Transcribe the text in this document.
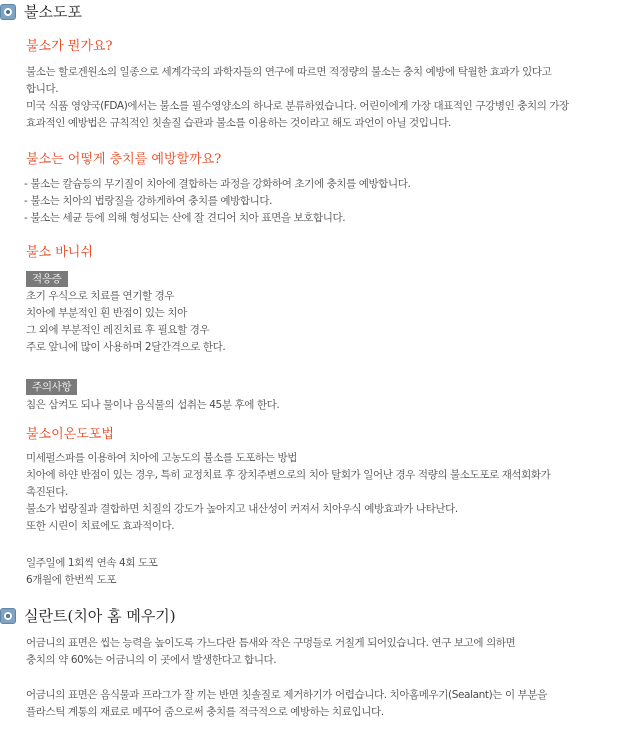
불소도포
불소가 뭔가요?

불소는 할로겐원소의 일종으로 세계각국의 과학자들의 연구에 따르면 적정량의 불소는 충치 예방에 탁월한 효과가 있다고

합니다.

미국 식품 영양국(FDA)에서는 불소를 필수영양소의 하나로 분류하였습니다. 어린이에게 가장 대표적인 구강병인 충치의 가장

효과적인 예방법은 규칙적인 칫솔질 습관과 불소를 이용하는 것이라고 해도 과언이 아닐 것입니다.

불소는 어떻게 충치를 예방할까요?

- 불소는 칼슘등의 무기질이 치아에 결합하는 과정을 강화하여 초기에 충치를 예방합니다.

- 불소는 치아의 법랑질을 강하게하여 충치를 예방합니다.

- 불소는 세균 등에 의해 형성되는 산에 잘 견디어 치아 표면을 보호합니다.

불소 바니쉬
적응증

초기 우식으로 치료를 연기할 경우

치아에 부분적인 흰 반점이 있는 치아

그 외에 부분적인 레진치료 후 필요할 경우

주로 앞니에 많이 사용하며 2달간격으로 한다.

주의사항

침은 삼켜도 되나 물이나 음식물의 섭취는 45분 후에 한다.

불소이온도포법

미세펄스파를 이용하여 치아에 고농도의 불소를 도포하는 방법

치아에 하얀 반점이 있는 경우, 특히 교정치료 후 장치주변으로의 치아 탈회가 일어난 경우 적량의 불소도포로 재석회화가

촉진된다.

불소가 법랑질과 결합하면 치질의 강도가 높아지고 내산성이 커져서 치아우식 예방효과가 나타난다.

또한 시린이 치료에도 효과적이다.

일주일에 1회씩 연속 4회 도포

6개월에 한번씩 도포

실란트(치아 홈 메우기)

어금니의 표면은 씹는 능력을 높이도록 가느다란 틈새와 작은 구멍들로 거칠게 되어있습니다. 연구 보고에 의하면

충치의 약 60%는 어금니의 이 곳에서 발생한다고 합니다.

어금니의 표면은 음식물과 프라그가 잘 끼는 반면 칫솔질로 제거하기가 어렵습니다. 치아홈메우기(Sealant)는 이 부분을

플라스틱 계통의 재료로 메꾸어 줌으로써 충치를 적극적으로 예방하는 치료입니다.
